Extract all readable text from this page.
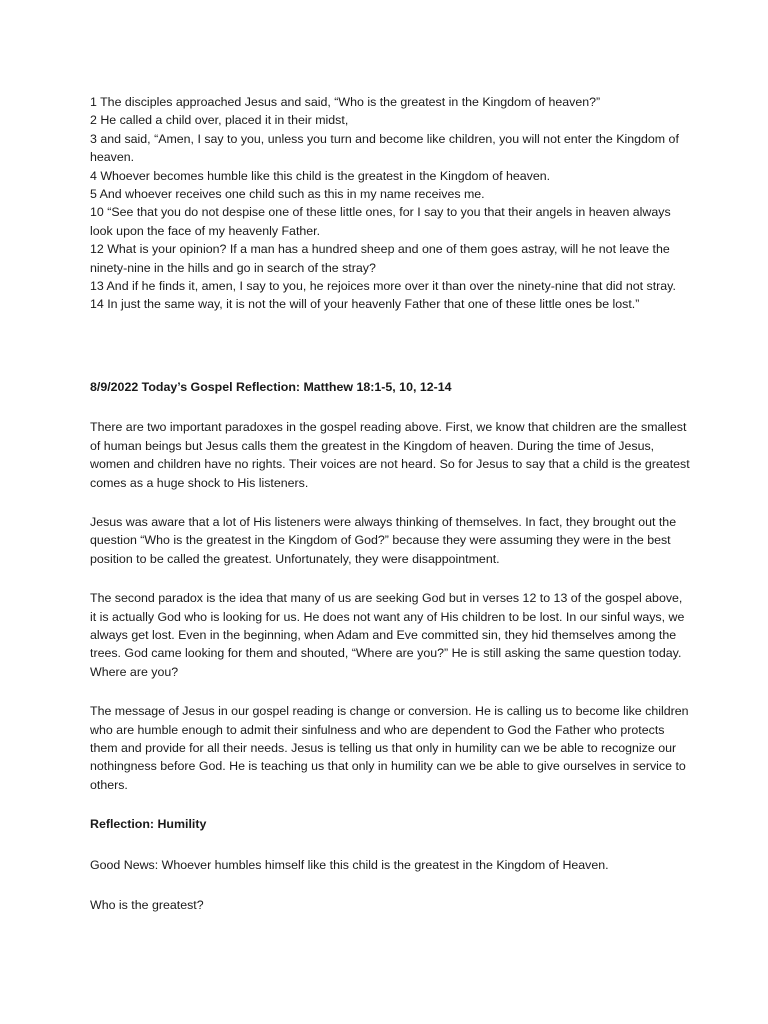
1 The disciples approached Jesus and said, “Who is the greatest in the Kingdom of heaven?”

2 He called a child over, placed it in their midst,

3 and said, “Amen, I say to you, unless you turn and become like children, you will not enter the Kingdom of heaven.

4 Whoever becomes humble like this child is the greatest in the Kingdom of heaven.

5 And whoever receives one child such as this in my name receives me.

10 “See that you do not despise one of these little ones, for I say to you that their angels in heaven always look upon the face of my heavenly Father.

12 What is your opinion? If a man has a hundred sheep and one of them goes astray, will he not leave the ninety-nine in the hills and go in search of the stray?

13 And if he finds it, amen, I say to you, he rejoices more over it than over the ninety-nine that did not stray.

14 In just the same way, it is not the will of your heavenly Father that one of these little ones be lost.”

8/9/2022 Today’s Gospel Reflection: Matthew 18:1-5, 10, 12-14

There are two important paradoxes in the gospel reading above. First, we know that children are the smallest of human beings but Jesus calls them the greatest in the Kingdom of heaven. During the time of Jesus, women and children have no rights. Their voices are not heard. So for Jesus to say that a child is the greatest comes as a huge shock to His listeners.

Jesus was aware that a lot of His listeners were always thinking of themselves. In fact, they brought out the question “Who is the greatest in the Kingdom of God?” because they were assuming they were in the best position to be called the greatest. Unfortunately, they were disappointment.

The second paradox is the idea that many of us are seeking God but in verses 12 to 13 of the gospel above, it is actually God who is looking for us. He does not want any of His children to be lost. In our sinful ways, we always get lost. Even in the beginning, when Adam and Eve committed sin, they hid themselves among the trees. God came looking for them and shouted, “Where are you?” He is still asking the same question today. Where are you?

The message of Jesus in our gospel reading is change or conversion. He is calling us to become like children who are humble enough to admit their sinfulness and who are dependent to God the Father who protects them and provide for all their needs. Jesus is telling us that only in humility can we be able to recognize our nothingness before God. He is teaching us that only in humility can we be able to give ourselves in service to others.

Reflection: Humility

Good News: Whoever humbles himself like this child is the greatest in the Kingdom of Heaven.

Who is the greatest?
